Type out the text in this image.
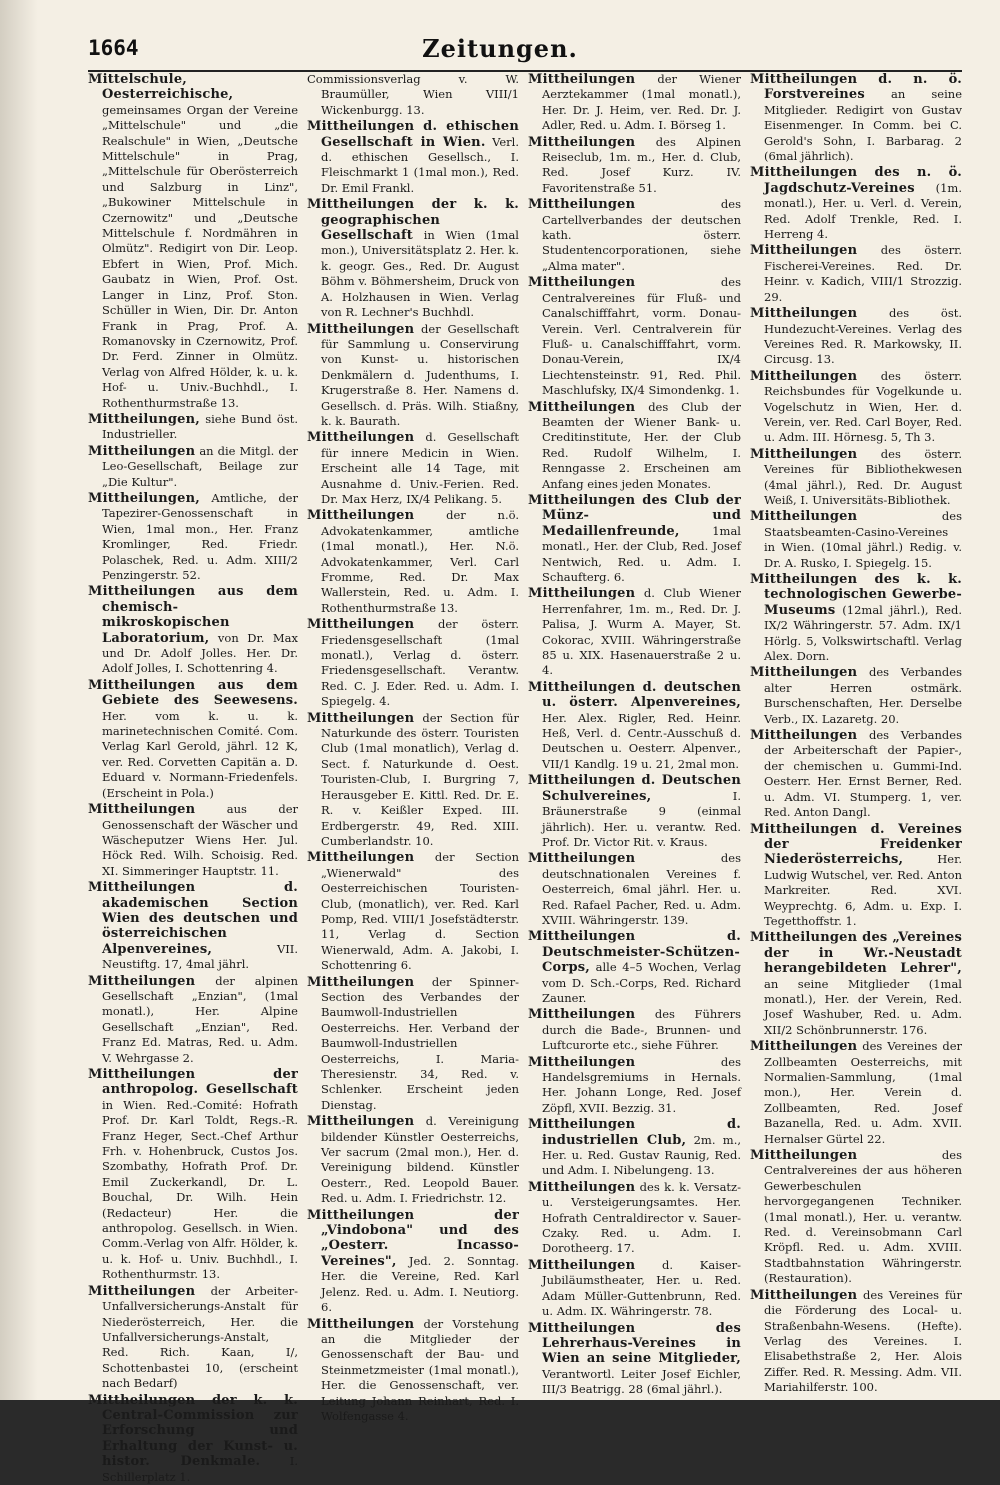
1664	Zeitungen.

Mittelschule, Oesterreichische, gemeinsames Organ der Vereine „Mittelschule" und „die Realschule" in Wien, „Deutsche Mittelschule" in Prag, „Mittelschule für Oberösterreich und Salzburg in Linz", „Bukowiner Mittelschule in Czernowitz" und „Deutsche Mittelschule f. Nordmähren in Olmütz". Redigirt von Dir. Leop. Ebfert in Wien, Prof. Mich. Gaubatz in Wien, Prof. Ost. Langer in Linz, Prof. Ston. Schüller in Wien, Dir. Dr. Anton Frank in Prag, Prof. A. Romanovsky in Czernowitz, Prof. Dr. Ferd. Zinner in Olmütz. Verlag von Alfred Hölder, k. u. k. Hof- u. Univ.-Buchhdl., I. Rothenthurmstraße 13.

Mittheilungen, siehe Bund öst. Industrieller.

Mittheilungen an die Mitgl. der Leo-Gesellschaft, Beilage zur „Die Kultur".

Mittheilungen, Amtliche, der Tapezirer-Genossenschaft in Wien, 1mal mon., Her. Franz Kromlinger, Red. Friedr. Polaschek, Red. u. Adm. XIII/2 Penzingerstr. 52.

Mittheilungen aus dem chemisch-mikroskopischen Laboratorium, von Dr. Max und Dr. Adolf Jolles. Her. Dr. Adolf Jolles, I. Schottenring 4.

Mittheilungen aus dem Gebiete des Seewesens. Her. vom k. u. k. marinetechnischen Comité. Com. Verlag Karl Gerold, jährl. 12 K, ver. Red. Corvetten Capitän a. D. Eduard v. Normann-Friedenfels. (Erscheint in Pola.)

Mittheilungen	aus der Genossenschaft der Wäscher und Wäscheputzer Wiens Her. Jul. Höck Red. Wilh. Schoisig. Red. XI. Simmeringer Hauptstr. 11.

Mittheilungen d. akademischen Section Wien des deutschen und österreichischen Alpenvereines,	VII. Neustiftg. 17, 4mal jährl.

Mittheilungen der alpinen Gesellschaft „Enzian", (1mal monatl.), Her. Alpine Gesellschaft „Enzian", Red. Franz Ed. Matras, Red. u. Adm. V. Wehrgasse 2.

Mittheilungen der anthropolog. Gesellschaft in Wien. Red.-Comité: Hofrath Prof. Dr. Karl Toldt, Regs.-R. Franz Heger, Sect.-Chef Arthur Frh. v. Hohenbruck, Custos Jos. Szombathy, Hofrath Prof. Dr. Emil Zuckerkandl, Dr. L. Bouchal, Dr. Wilh. Hein (Redacteur) Her. die anthropolog. Gesellsch. in Wien. Comm.-Verlag von Alfr. Hölder, k. u. k. Hof- u. Univ. Buchhdl., I. Rothenthurmstr. 13.

Mittheilungen der Arbeiter-Unfallversicherungs-Anstalt für Niederösterreich, Her. die Unfallversicherungs-Anstalt, Red. Rich. Kaan, I/, Schottenbastei 10, (erscheint nach Bedarf)

Mittheilungen der k. k. Central-Commission zur Erforschung und Erhaltung der Kunst- u. histor. Denkmale.	I. Schillerplatz 1.

Commissionsverlag v. W. Braumüller, Wien VIII/1 Wickenburgg. 13.

Mittheilungen d. ethischen Gesellschaft in Wien. Verl. d. ethischen Gesellsch., I. Fleischmarkt 1 (1mal mon.), Red. Dr. Emil Frankl.

Mittheilungen der k. k. geographischen Gesellschaft in Wien (1mal mon.), Universitätsplatz 2. Her. k. k. geogr. Ges., Red. Dr. August Böhm v. Böhmersheim, Druck von A. Holzhausen in Wien. Verlag von R. Lechner's Buchhdl.

Mittheilungen der Gesellschaft für Sammlung u. Conservirung von Kunst- u. historischen Denkmälern d. Judenthums, I. Krugerstraße 8. Her. Namens d. Gesellsch. d. Präs. Wilh. Stiaßny, k. k. Baurath.

Mittheilungen d. Gesellschaft für innere Medicin in Wien. Erscheint alle 14 Tage, mit Ausnahme d. Univ.-Ferien. Red. Dr. Max Herz, IX/4 Pelikang. 5.

Mittheilungen	der n.ö. Advokatenkammer, amtliche (1mal monatl.), Her. N.ö. Advokatenkammer, Verl. Carl Fromme, Red. Dr. Max Wallerstein, Red. u. Adm. I. Rothenthurmstraße 13.

Mittheilungen der österr. Friedensgesellschaft (1mal monatl.), Verlag d. österr. Friedensgesellschaft. Verantw. Red. C. J. Eder. Red. u. Adm. I. Spiegelg. 4.

Mittheilungen der Section für Naturkunde des österr. Touristen Club (1mal monatlich), Verlag d. Sect. f. Naturkunde d. Oest. Touristen-Club, I. Burgring 7, Herausgeber E. Kittl. Red. Dr. E. R. v. Keißler Exped. III. Erdbergerstr. 49, Red. XIII. Cumberlandstr. 10.

Mittheilungen der Section „Wienerwald" des Oesterreichischen Touristen-Club, (monatlich), ver. Red. Karl Pomp, Red. VIII/1 Josefstädterstr. 11, Verlag d. Section Wienerwald, Adm. A. Jakobi, I. Schottenring 6.

Mittheilungen der Spinner-Section des Verbandes der Baumwoll-Industriellen Oesterreichs. Her. Verband der Baumwoll-Industriellen Oesterreichs, I. Maria-Theresienstr. 34, Red. v. Schlenker. Erscheint jeden Dienstag.

Mittheilungen d. Vereinigung bildender Künstler Oesterreichs, Ver sacrum (2mal mon.), Her. d. Vereinigung bildend. Künstler Oesterr., Red. Leopold Bauer. Red. u. Adm. I. Friedrichstr. 12.

Mittheilungen der „Vindobona" und des „Oesterr. Incasso-Vereines", Jed. 2. Sonntag. Her. die Vereine, Red. Karl Jelenz. Red. u. Adm. I. Neutiorg. 6.

Mittheilungen der Vorstehung an die Mitglieder der Genossenschaft der Bau- und Steinmetzmeister (1mal monatl.), Her. die Genossenschaft, ver. Leitung Johann Reinhart, Red. I. Wolfengasse 4.

Mittheilungen der Wiener Aerztekammer (1mal monatl.), Her. Dr. J. Heim, ver. Red. Dr. J. Adler, Red. u. Adm. I. Börseg 1.

Mittheilungen des Alpinen Reiseclub, 1m. m., Her. d. Club, Red. Josef Kurz. IV. Favoritenstraße 51.

Mittheilungen	des Cartellverbandes der deutschen kath. österr. Studentencorporationen, siehe „Alma mater".

Mittheilungen	des Centralvereines für Fluß- und Canalschifffahrt, vorm. Donau-Verein. Verl. Centralverein für Fluß- u. Canalschifffahrt, vorm. Donau-Verein, IX/4 Liechtensteinstr. 91, Red. Phil. Maschlufsky, IX/4 Simondenkg. 1.

Mittheilungen des Club der Beamten der Wiener Bank- u. Creditinstitute, Her. der Club Red. Rudolf Wilhelm, I. Renngasse 2. Erscheinen am Anfang eines jeden Monates.

Mittheilungen des Club der Münz- und Medaillenfreunde,	1mal monatl., Her. der Club, Red. Josef Nentwich, Red. u. Adm. I. Schaufterg. 6.

Mittheilungen d. Club Wiener Herrenfahrer, 1m. m., Red. Dr. J. Palisa, J. Wurm A. Mayer, St. Cokorac, XVIII. Währingerstraße 85 u. XIX. Hasenauerstraße 2 u. 4.

Mittheilungen d. deutschen u. österr. Alpenvereines, Her. Alex. Rigler, Red. Heinr. Heß, Verl. d. Centr.-Ausschuß d. Deutschen u. Oesterr. Alpenver., VII/1 Kandlg. 19 u. 21, 2mal mon.

Mittheilungen d. Deutschen Schulvereines,	I. Bräunerstraße 9 (einmal jährlich). Her. u. verantw. Red. Prof. Dr. Victor Rit. v. Kraus.

Mittheilungen	des deutschnationalen Vereines f. Oesterreich, 6mal jährl. Her. u. Red. Rafael Pacher, Red. u. Adm. XVIII. Währingerstr. 139.

Mittheilungen d. Deutschmeister-Schützen-Corps, alle 4–5 Wochen, Verlag vom D. Sch.-Corps, Red. Richard Zauner.

Mittheilungen des Führers durch die Bade-, Brunnen- und Luftcurorte etc., siehe Führer.

Mittheilungen	des Handelsgremiums in Hernals. Her. Johann Longe, Red. Josef Zöpfl, XVII. Bezzig. 31.

Mittheilungen d. industriellen Club, 2m. m., Her. u. Red. Gustav Raunig, Red. und Adm. I. Nibelungeng. 13.

Mittheilungen des k. k. Versatz- u. Versteigerungsamtes. Her. Hofrath Centraldirector v. Sauer-Czaky. Red. u. Adm. I. Dorotheerg. 17.

Mittheilungen d. Kaiser-Jubiläumstheater, Her. u. Red. Adam Müller-Guttenbrunn, Red. u. Adm. IX. Währingerstr. 78.

Mittheilungen des Lehrerhaus-Vereines in Wien an seine Mitglieder, Verantwortl. Leiter Josef Eichler, III/3 Beatrigg. 28 (6mal jährl.).

Mittheilungen d. n. ö. Forstvereines an seine Mitglieder. Redigirt von Gustav Eisenmenger. In Comm. bei C. Gerold's Sohn, I. Barbarag. 2 (6mal jährlich).

Mittheilungen des n. ö. Jagdschutz-Vereines (1m. monatl.), Her. u. Verl. d. Verein, Red. Adolf Trenkle, Red. I. Herreng 4.

Mittheilungen des österr. Fischerei-Vereines. Red. Dr. Heinr. v. Kadich, VIII/1 Strozzig. 29.

Mittheilungen	des öst. Hundezucht-Vereines. Verlag des Vereines Red. R. Markowsky, II. Circusg. 13.

Mittheilungen des österr. Reichsbundes für Vogelkunde u. Vogelschutz in Wien, Her. d. Verein, ver. Red. Carl Boyer, Red. u. Adm. III. Hörnesg. 5, Th 3.

Mittheilungen des österr. Vereines für Bibliothekwesen (4mal jährl.), Red. Dr. August Weiß, I. Universitäts-Bibliothek.

Mittheilungen	des Staatsbeamten-Casino-Vereines in Wien. (10mal jährl.) Redig. v. Dr. A. Rusko, I. Spiegelg. 15.

Mittheilungen des k. k. technologischen Gewerbe-Museums (12mal jährl.), Red. IX/2 Währingerstr. 57. Adm. IX/1 Hörlg. 5, Volkswirtschaftl. Verlag Alex. Dorn.

Mittheilungen des Verbandes alter Herren ostmärk. Burschenschaften, Her. Derselbe Verb., IX. Lazaretg. 20.

Mittheilungen des Verbandes der Arbeiterschaft der Papier-, der chemischen u. Gummi-Ind. Oesterr. Her. Ernst Berner, Red. u. Adm. VI. Stumperg. 1, ver. Red. Anton Dangl.

Mittheilungen d. Vereines der Freidenker Niederösterreichs,	Her. Ludwig Wutschel, ver. Red. Anton Markreiter. Red. XVI. Weyprechtg. 6, Adm. u. Exp. I. Tegetthoffstr. 1.

Mittheilungen des „Vereines der in Wr.-Neustadt herangebildeten Lehrer", an seine Mitglieder (1mal monatl.), Her. der Verein, Red. Josef Washuber, Red. u. Adm. XII/2 Schönbrunnerstr. 176.

Mittheilungen des Vereines der Zollbeamten Oesterreichs, mit Normalien-Sammlung, (1mal mon.), Her. Verein d. Zollbeamten, Red. Josef Bazanella, Red. u. Adm. XVII. Hernalser Gürtel 22.

Mittheilungen	des Centralvereines der aus höheren Gewerbeschulen hervorgegangenen Techniker. (1mal monatl.), Her. u. verantw. Red. d. Vereinsobmann Carl Kröpfl. Red. u. Adm. XVIII. Stadtbahnstation Währingerstr. (Restauration).

Mittheilungen des Vereines für die Förderung des Local- u. Straßenbahn-Wesens. (Hefte). Verlag des Vereines. I. Elisabethstraße 2, Her. Alois Ziffer. Red. R. Messing. Adm. VII. Mariahilferstr. 100.
